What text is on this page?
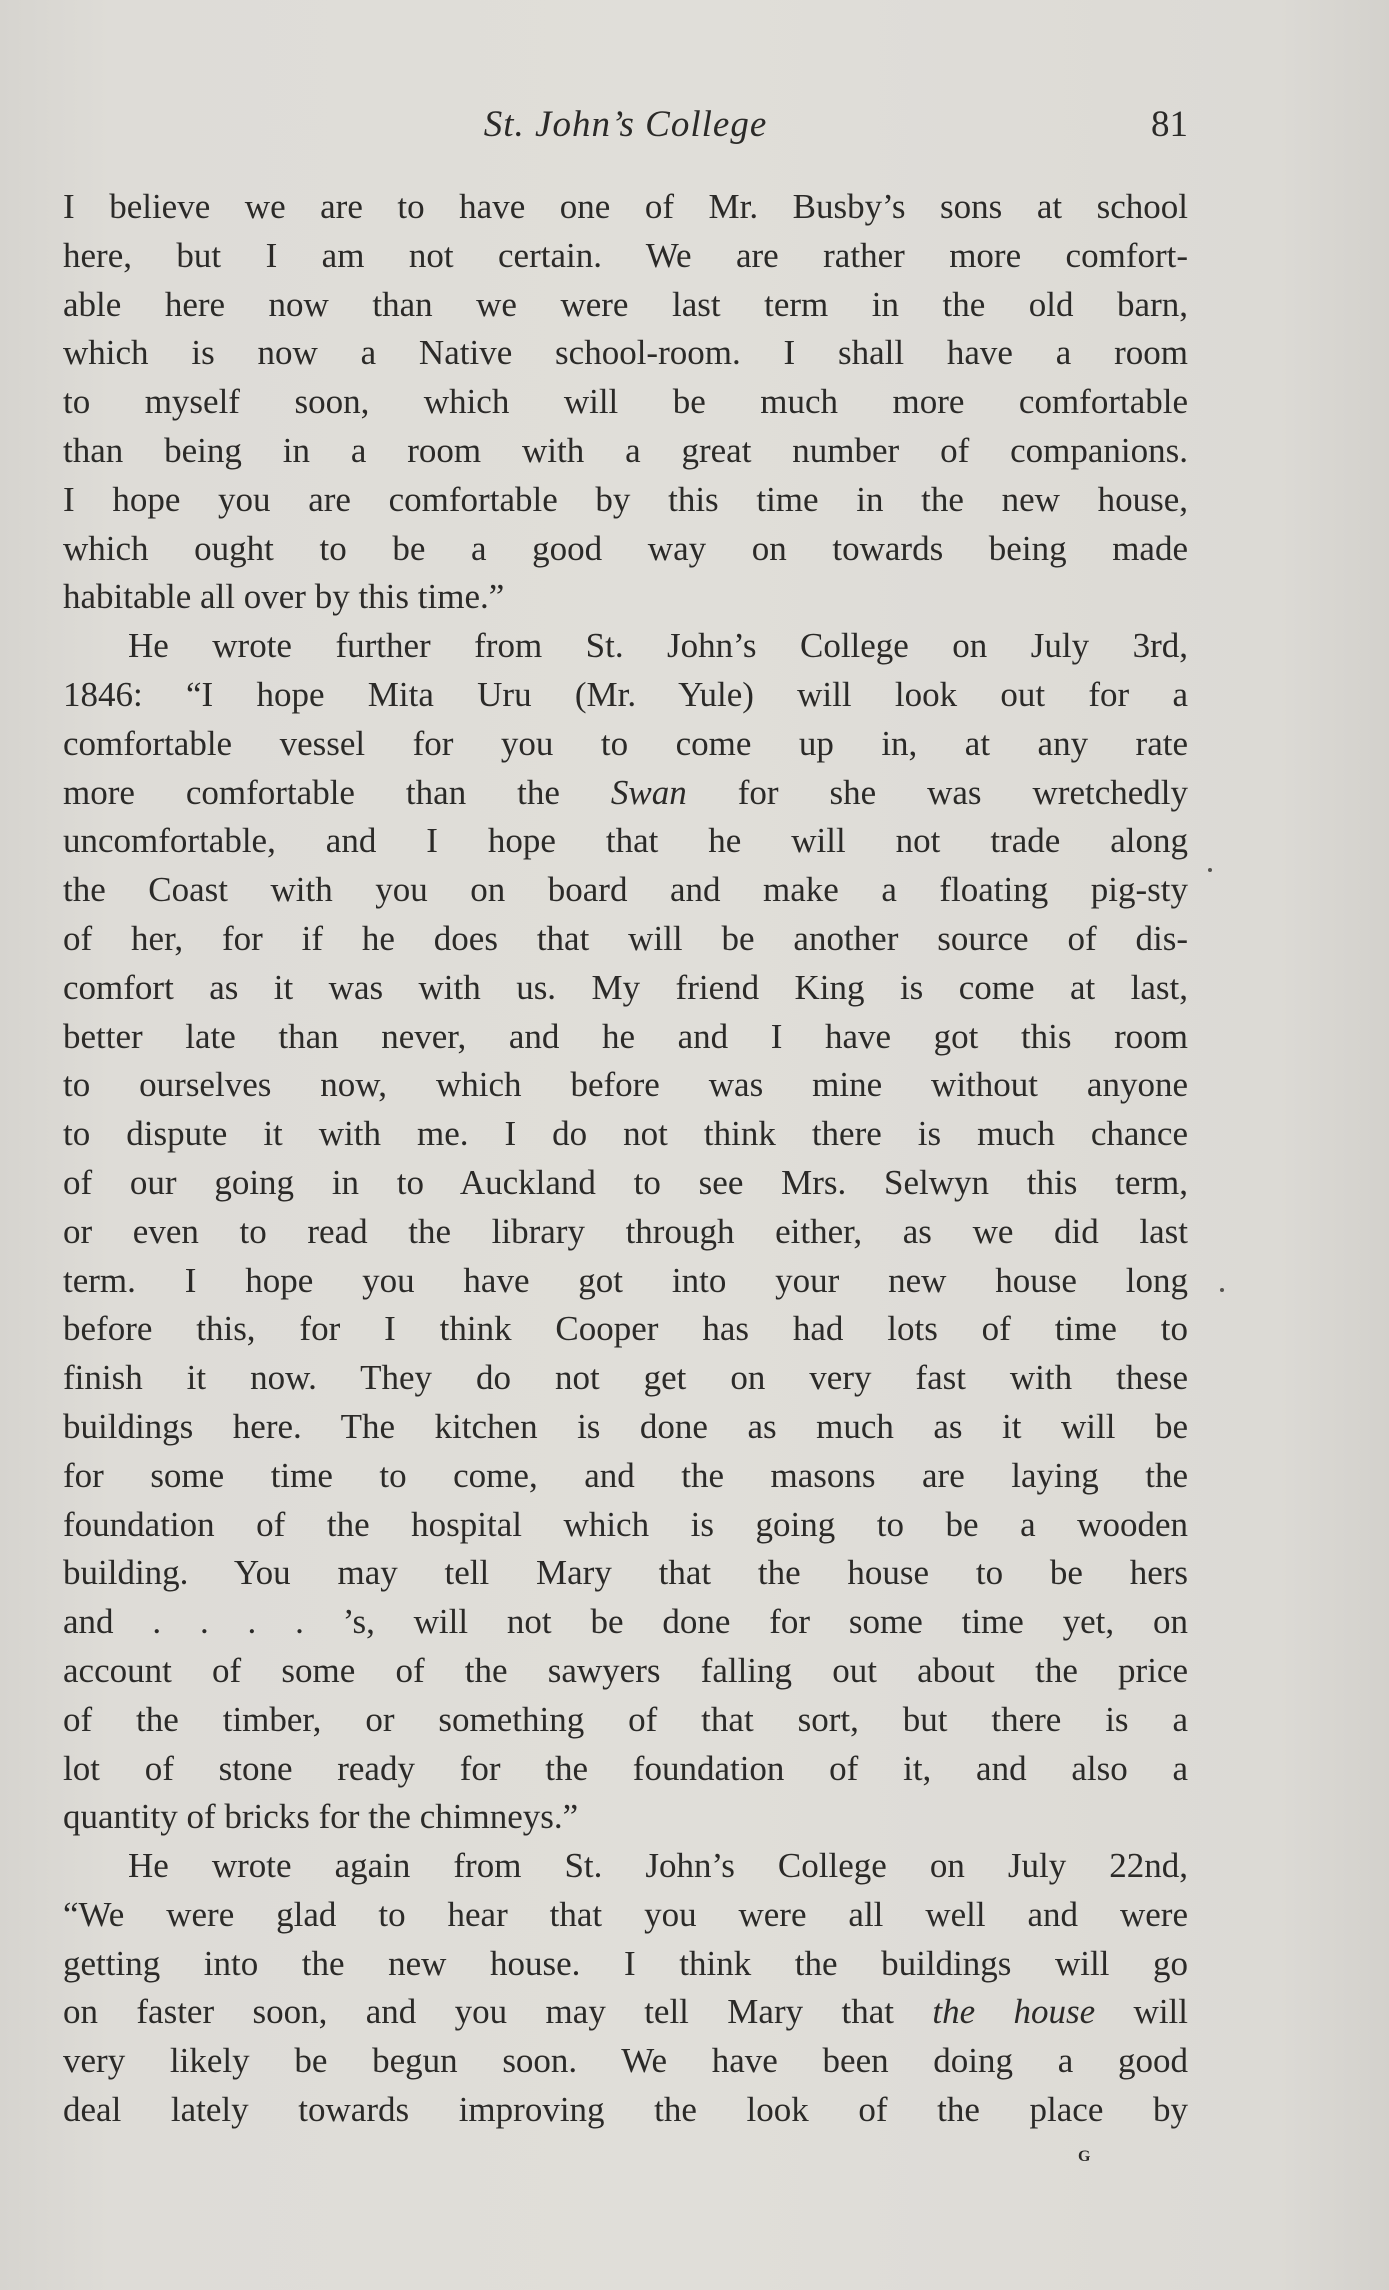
St. John’s College	81
I believe we are to have one of Mr. Busby’s sons at school
here, but I am not certain. We are rather more comfort-
able here now than we were last term in the old barn,
which is now a Native school-room. I shall have a room
to myself soon, which will be much more comfortable
than being in a room with a great number of companions.
I hope you are comfortable by this time in the new house,
which ought to be a good way on towards being made
habitable all over by this time.”
He wrote further from St. John’s College on July 3rd,
1846: “I hope Mita Uru (Mr. Yule) will look out for a
comfortable vessel for you to come up in, at any rate
more comfortable than the Swan for she was wretchedly
uncomfortable, and I hope that he will not trade along
the Coast with you on board and make a floating pig-sty
of her, for if he does that will be another source of dis-
comfort as it was with us. My friend King is come at last,
better late than never, and he and I have got this room
to ourselves now, which before was mine without anyone
to dispute it with me. I do not think there is much chance
of our going in to Auckland to see Mrs. Selwyn this term,
or even to read the library through either, as we did last
term. I hope you have got into your new house long
before this, for I think Cooper has had lots of time to
finish it now. They do not get on very fast with these
buildings here. The kitchen is done as much as it will be
for some time to come, and the masons are laying the
foundation of the hospital which is going to be a wooden
building. You may tell Mary that the house to be hers
and . . . . ’s, will not be done for some time yet, on
account of some of the sawyers falling out about the price
of the timber, or something of that sort, but there is a
lot of stone ready for the foundation of it, and also a
quantity of bricks for the chimneys.”
He wrote again from St. John’s College on July 22nd,
“We were glad to hear that you were all well and were
getting into the new house. I think the buildings will go
on faster soon, and you may tell Mary that the house will
very likely be begun soon. We have been doing a good
deal lately towards improving the look of the place by
G
